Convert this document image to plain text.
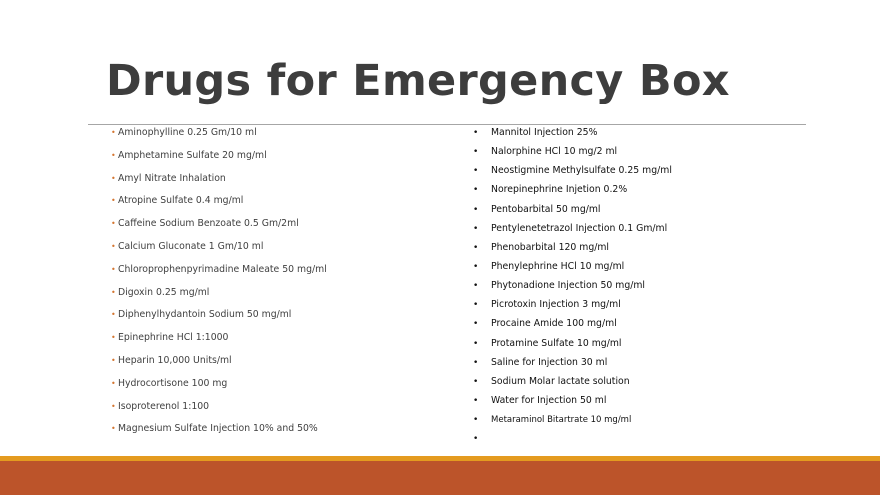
Drugs for Emergency Box
• Aminophylline 0.25 Gm/10 ml
• Amphetamine Sulfate 20 mg/ml
• Amyl Nitrate Inhalation
• Atropine Sulfate 0.4 mg/ml
• Caffeine Sodium Benzoate 0.5 Gm/2ml
• Calcium Gluconate 1 Gm/10 ml
• Chloroprophenpyrimadine Maleate 50 mg/ml
• Digoxin 0.25 mg/ml
• Diphenylhydantoin Sodium 50 mg/ml
• Epinephrine HCl 1:1000
• Heparin 10,000 Units/ml
• Hydrocortisone 100 mg
• Isoproterenol 1:100
• Magnesium Sulfate Injection 10% and 50%
•	Mannitol Injection 25%
•	Nalorphine HCl 10 mg/2 ml
•	Neostigmine Methylsulfate 0.25 mg/ml
•	Norepinephrine Injetion 0.2%
•	Pentobarbital 50 mg/ml
•	Pentylenetetrazol Injection 0.1 Gm/ml
•	Phenobarbital 120 mg/ml
•	Phenylephrine HCl 10 mg/ml
•	Phytonadione Injection 50 mg/ml
•	Picrotoxin Injection 3 mg/ml
•	Procaine Amide 100 mg/ml
•	Protamine Sulfate 10 mg/ml
•	Saline for Injection 30 ml
•	Sodium Molar lactate solution
•	Water for Injection 50 ml
•	Metaraminol Bitartrate 10 mg/ml
•
